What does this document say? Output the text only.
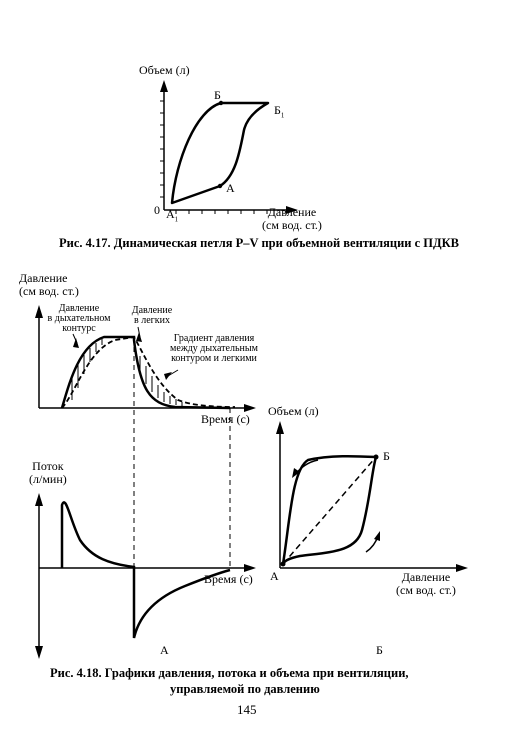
Объем (л)
0 $А_1$
А
Б
$Б_1$
Давление
(см вод. ст.)
Рис. 4.17. Динамическая петля P–V при объемной вентиляции с ПДКВ
Давление
(см вод. ст.)
Давление
в дыхательном
контурс
Давление
в легких
Градиент давления
между дыхательным
контуром и легкими
Время (с)
Поток
(л/мин)
Время (с)
Объем (л)
Б
А	Давление
(см вод. ст.)
А	Б
Рис. 4.18. Графики давления, потока и объема при вентиляции,
управляемой по давлению
145
